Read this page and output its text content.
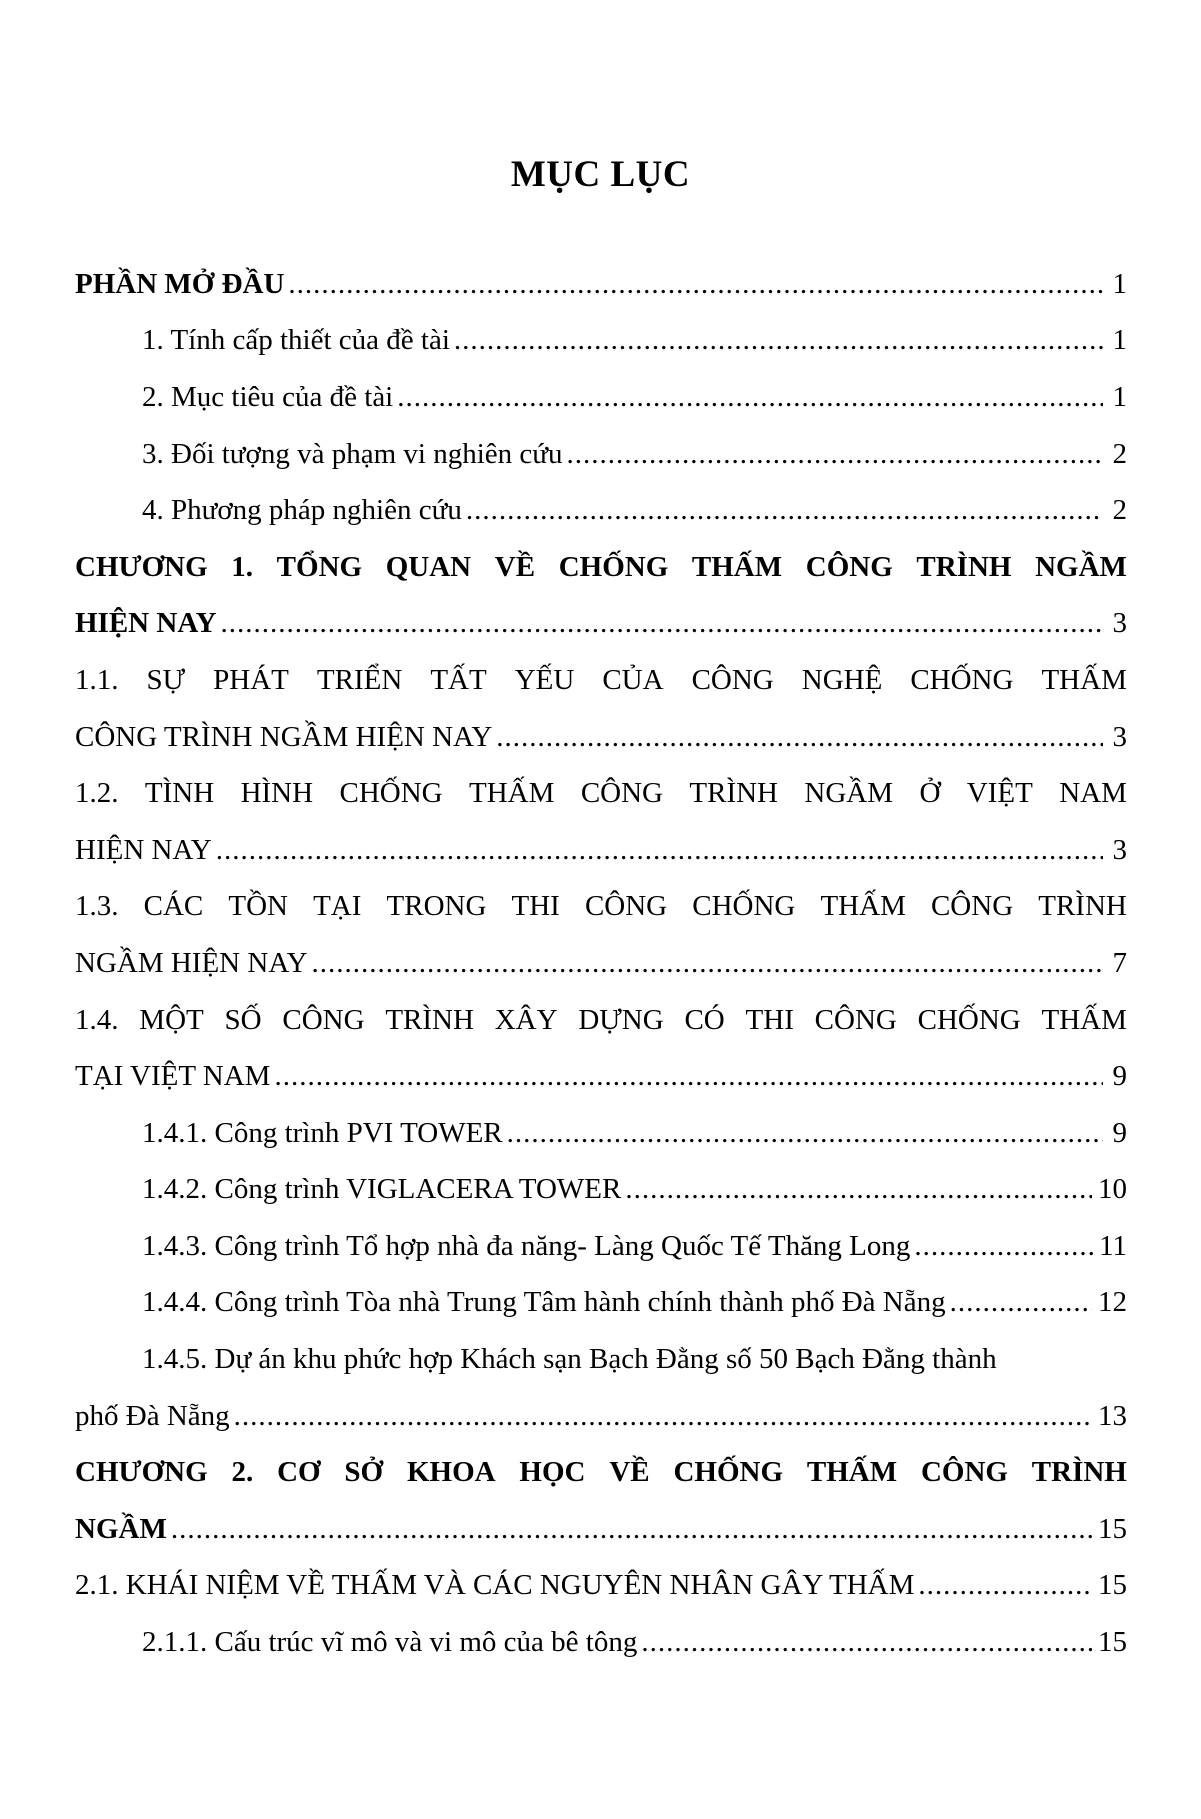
MỤC LỤC
PHẦN MỞ ĐẦU .....	1
1. Tính cấp thiết của đề tài .....	1
2. Mục tiêu của đề tài .....	1
3. Đối tượng và phạm vi nghiên cứu .....	2
4. Phương pháp nghiên cứu .....	2
CHƯƠNG 1. TỔNG QUAN VỀ CHỐNG THẤM CÔNG TRÌNH NGẦM
HIỆN NAY .....	3
1.1. SỰ PHÁT TRIỂN TẤT YẾU CỦA CÔNG NGHỆ CHỐNG THẤM
CÔNG TRÌNH NGẦM HIỆN NAY .....	3
1.2. TÌNH HÌNH CHỐNG THẤM CÔNG TRÌNH NGẦM Ở VIỆT NAM
HIỆN NAY .....	3
1.3. CÁC TỒN TẠI TRONG THI CÔNG CHỐNG THẤM CÔNG TRÌNH
NGẦM HIỆN NAY .....	7
1.4. MỘT SỐ CÔNG TRÌNH XÂY DỰNG CÓ THI CÔNG CHỐNG THẤM
TẠI VIỆT NAM .....	9
1.4.1. Công trình PVI TOWER .....	9
1.4.2. Công trình VIGLACERA TOWER .....	10
1.4.3. Công trình Tổ hợp nhà đa năng- Làng Quốc Tế Thăng Long .....	11
1.4.4. Công trình Tòa nhà Trung Tâm hành chính thành phố Đà Nẵng .....	12
1.4.5. Dự án khu phức hợp Khách sạn Bạch Đằng số 50 Bạch Đằng thành
phố Đà Nẵng .....	13
CHƯƠNG 2. CƠ SỞ KHOA HỌC VỀ CHỐNG THẤM CÔNG TRÌNH
NGẦM .....	15
2.1. KHÁI NIỆM VỀ THẤM VÀ CÁC NGUYÊN NHÂN GÂY THẤM .....	15
2.1.1. Cấu trúc vĩ mô và vi mô của bê tông .....	15
